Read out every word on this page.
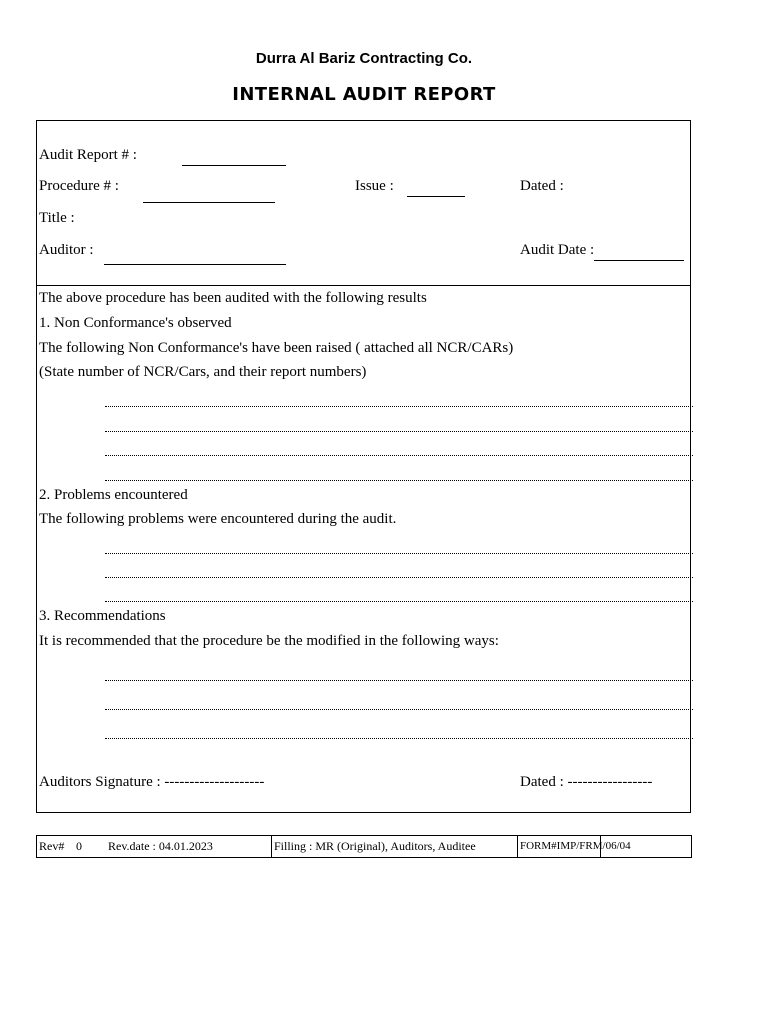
Durra Al Bariz Contracting Co.
INTERNAL AUDIT REPORT
Audit Report # :
Procedure # :	Issue :	Dated :
Title :
Auditor :	Audit Date :
The above procedure has been audited with the following results
1. Non Conformance's observed
The following Non Conformance's have been raised ( attached all NCR/CARs)
(State number of NCR/Cars, and their report numbers)
2. Problems encountered
The following problems were encountered during the audit.
3. Recommendations
It is recommended that the procedure be the modified in the following ways:
Auditors Signature : --------------------	Dated : -----------------
Rev# 0 Rev.date : 04.01.2023	Filling : MR (Original), Auditors, Auditee	FORM#IMP/FRM/06/04
